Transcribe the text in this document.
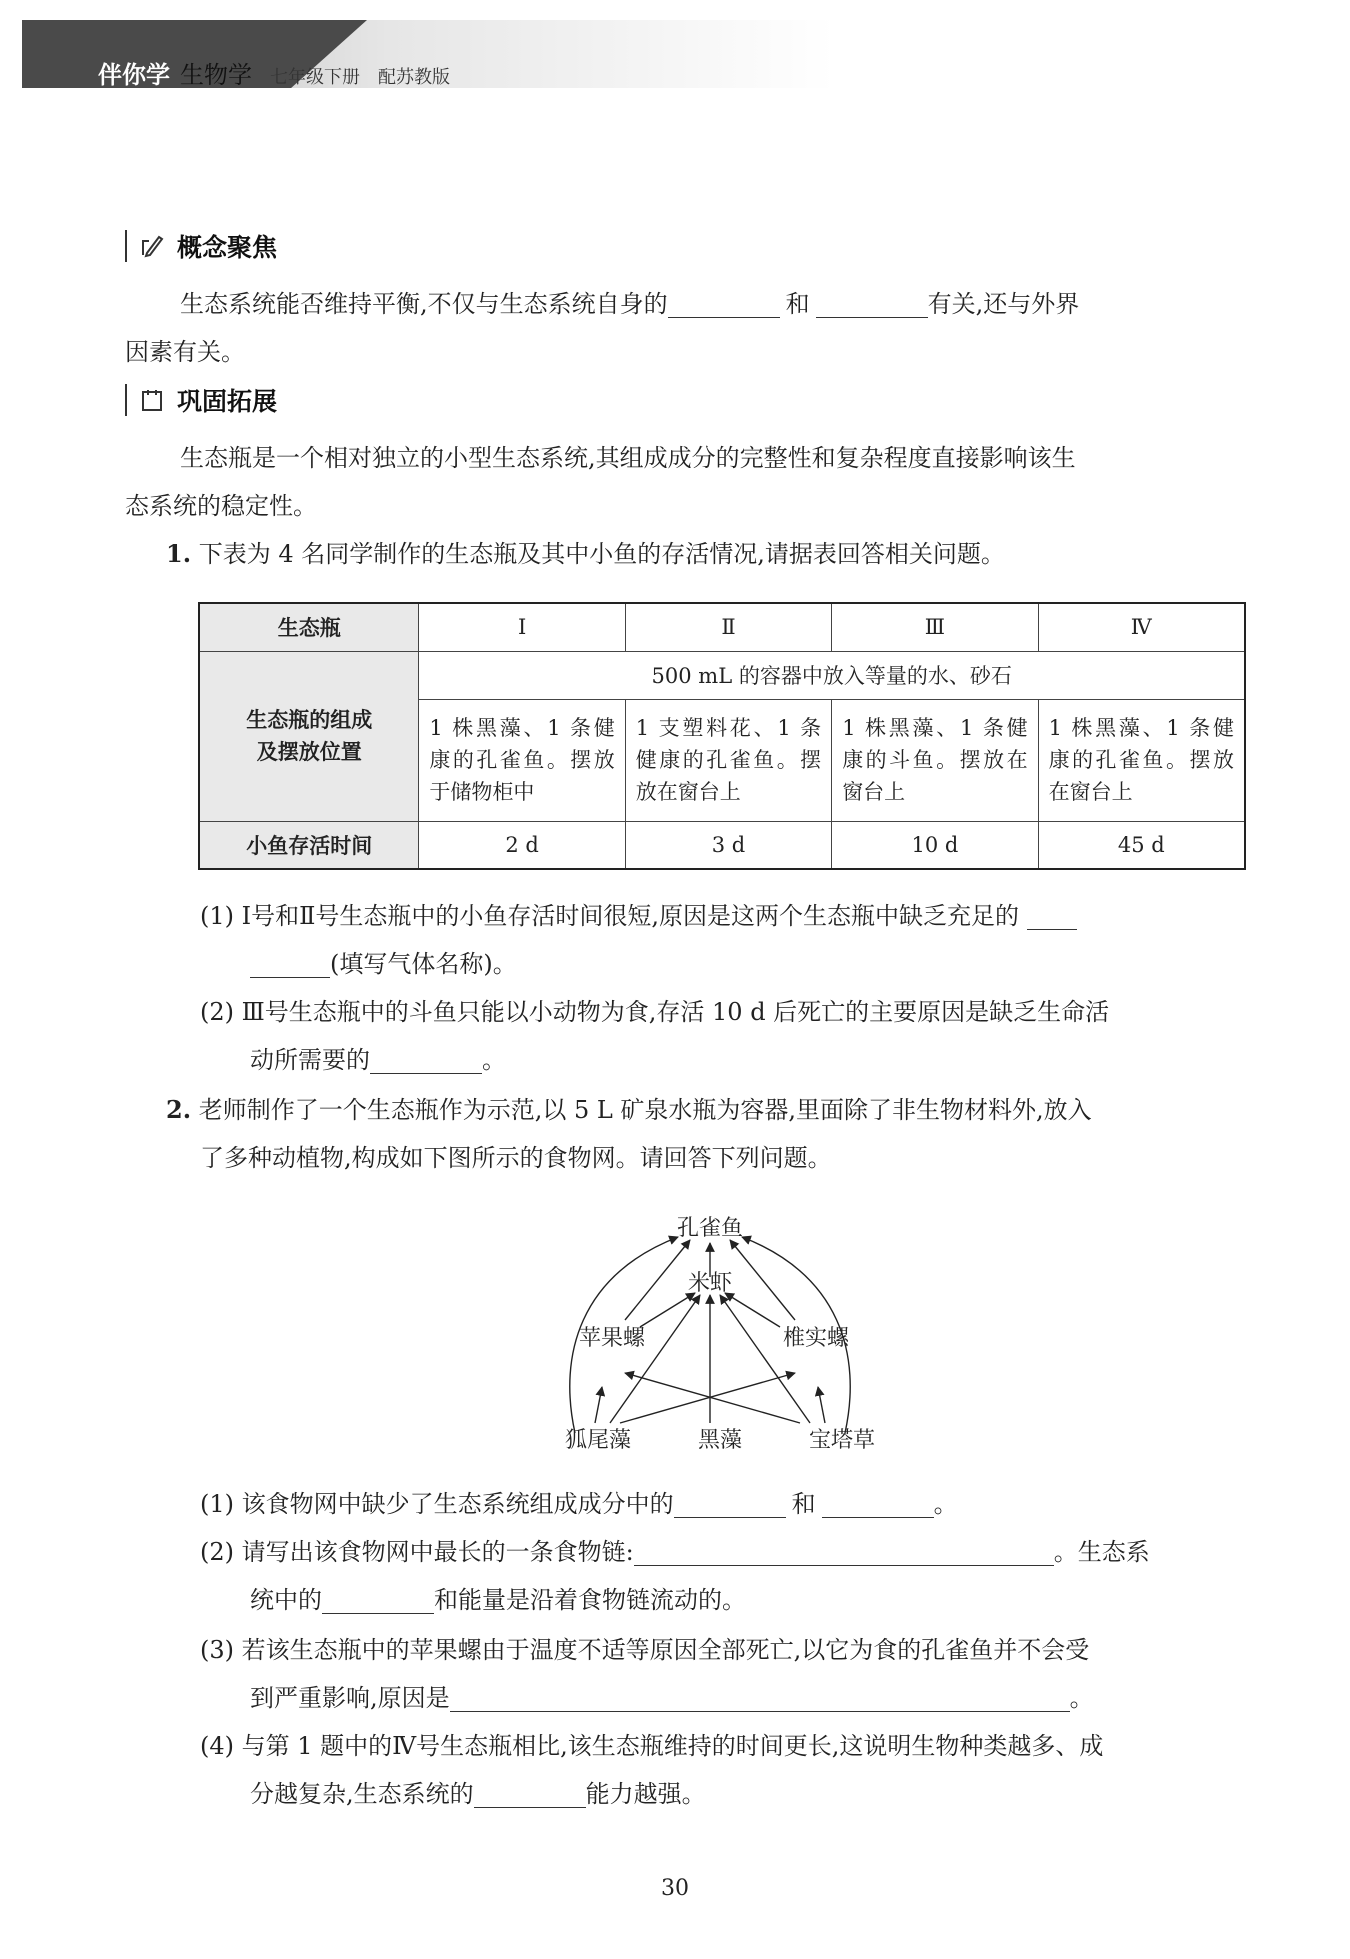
伴你学 生物学 七年级下册　配苏教版
概念聚焦
生态系统能否维持平衡,不仅与生态系统自身的	和	有关,还与外界
因素有关。
巩固拓展
生态瓶是一个相对独立的小型生态系统,其组成成分的完整性和复杂程度直接影响该生
态系统的稳定性。
1. 下表为 4 名同学制作的生态瓶及其中小鱼的存活情况,请据表回答相关问题。
生态瓶	Ⅰ	Ⅱ	Ⅲ	Ⅳ
生态瓶的组成及摆放位置	500 mL 的容器中放入等量的水、砂石			
	1 株黑藻、1 条健康的孔雀鱼。摆放于储物柜中	1 支塑料花、1 条健康的孔雀鱼。摆放在窗台上	1 株黑藻、1 条健康的斗鱼。摆放在窗台上	1 株黑藻、1 条健康的孔雀鱼。摆放在窗台上
小鱼存活时间	2 d	3 d	10 d	45 d
(1) Ⅰ号和Ⅱ号生态瓶中的小鱼存活时间很短,原因是这两个生态瓶中缺乏充足的
(填写气体名称)。
(2) Ⅲ号生态瓶中的斗鱼只能以小动物为食,存活 10 d 后死亡的主要原因是缺乏生命活
动所需要的	。
2. 老师制作了一个生态瓶作为示范,以 5 L 矿泉水瓶为容器,里面除了非生物材料外,放入
了多种动植物,构成如下图所示的食物网。请回答下列问题。
孔雀鱼
米虾
苹果螺	椎实螺
狐尾藻	黑藻	宝塔草
(1) 该食物网中缺少了生态系统组成成分中的	和	。
(2) 请写出该食物网中最长的一条食物链:	。生态系
统中的	和能量是沿着食物链流动的。
(3) 若该生态瓶中的苹果螺由于温度不适等原因全部死亡,以它为食的孔雀鱼并不会受
到严重影响,原因是	。
(4) 与第 1 题中的Ⅳ号生态瓶相比,该生态瓶维持的时间更长,这说明生物种类越多、成
分越复杂,生态系统的	能力越强。
30
